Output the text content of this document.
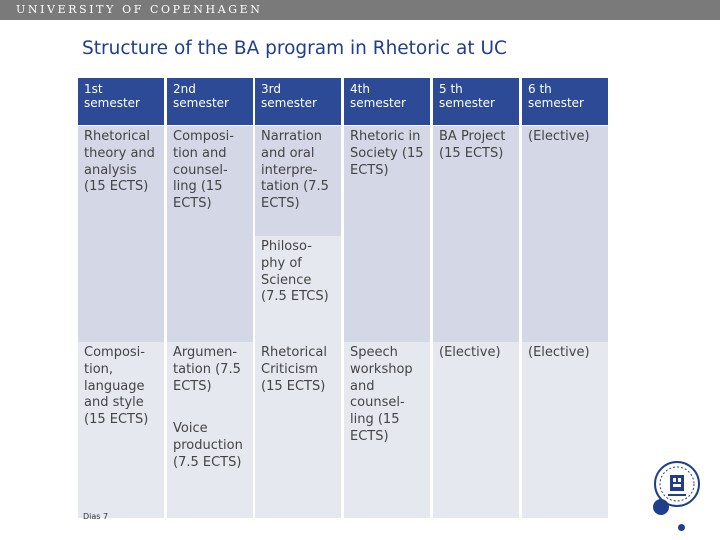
UNIVERSITY OF COPENHAGEN
Structure of the BA program in Rhetoric at UC
1st semester
2nd semester
3rd semester
4th semester
5 th semester
6 th semester
Rhetorical theory and analysis (15 ECTS)
Composi-tion and counsel-ling (15 ECTS)
Narration and oral interpre-tation (7.5 ECTS)
Philoso-phy of Science (7.5 ETCS)
Rhetoric in Society (15 ECTS)
BA Project (15 ECTS)
(Elective)
Composi-tion, language and style (15 ECTS)
Argumen-tation (7.5 ECTS)
Voice production (7.5 ECTS)
Rhetorical Criticism (15 ECTS)
Speech workshop and counsel-ling (15 ECTS)
(Elective)	(Elective)
Dias 7
